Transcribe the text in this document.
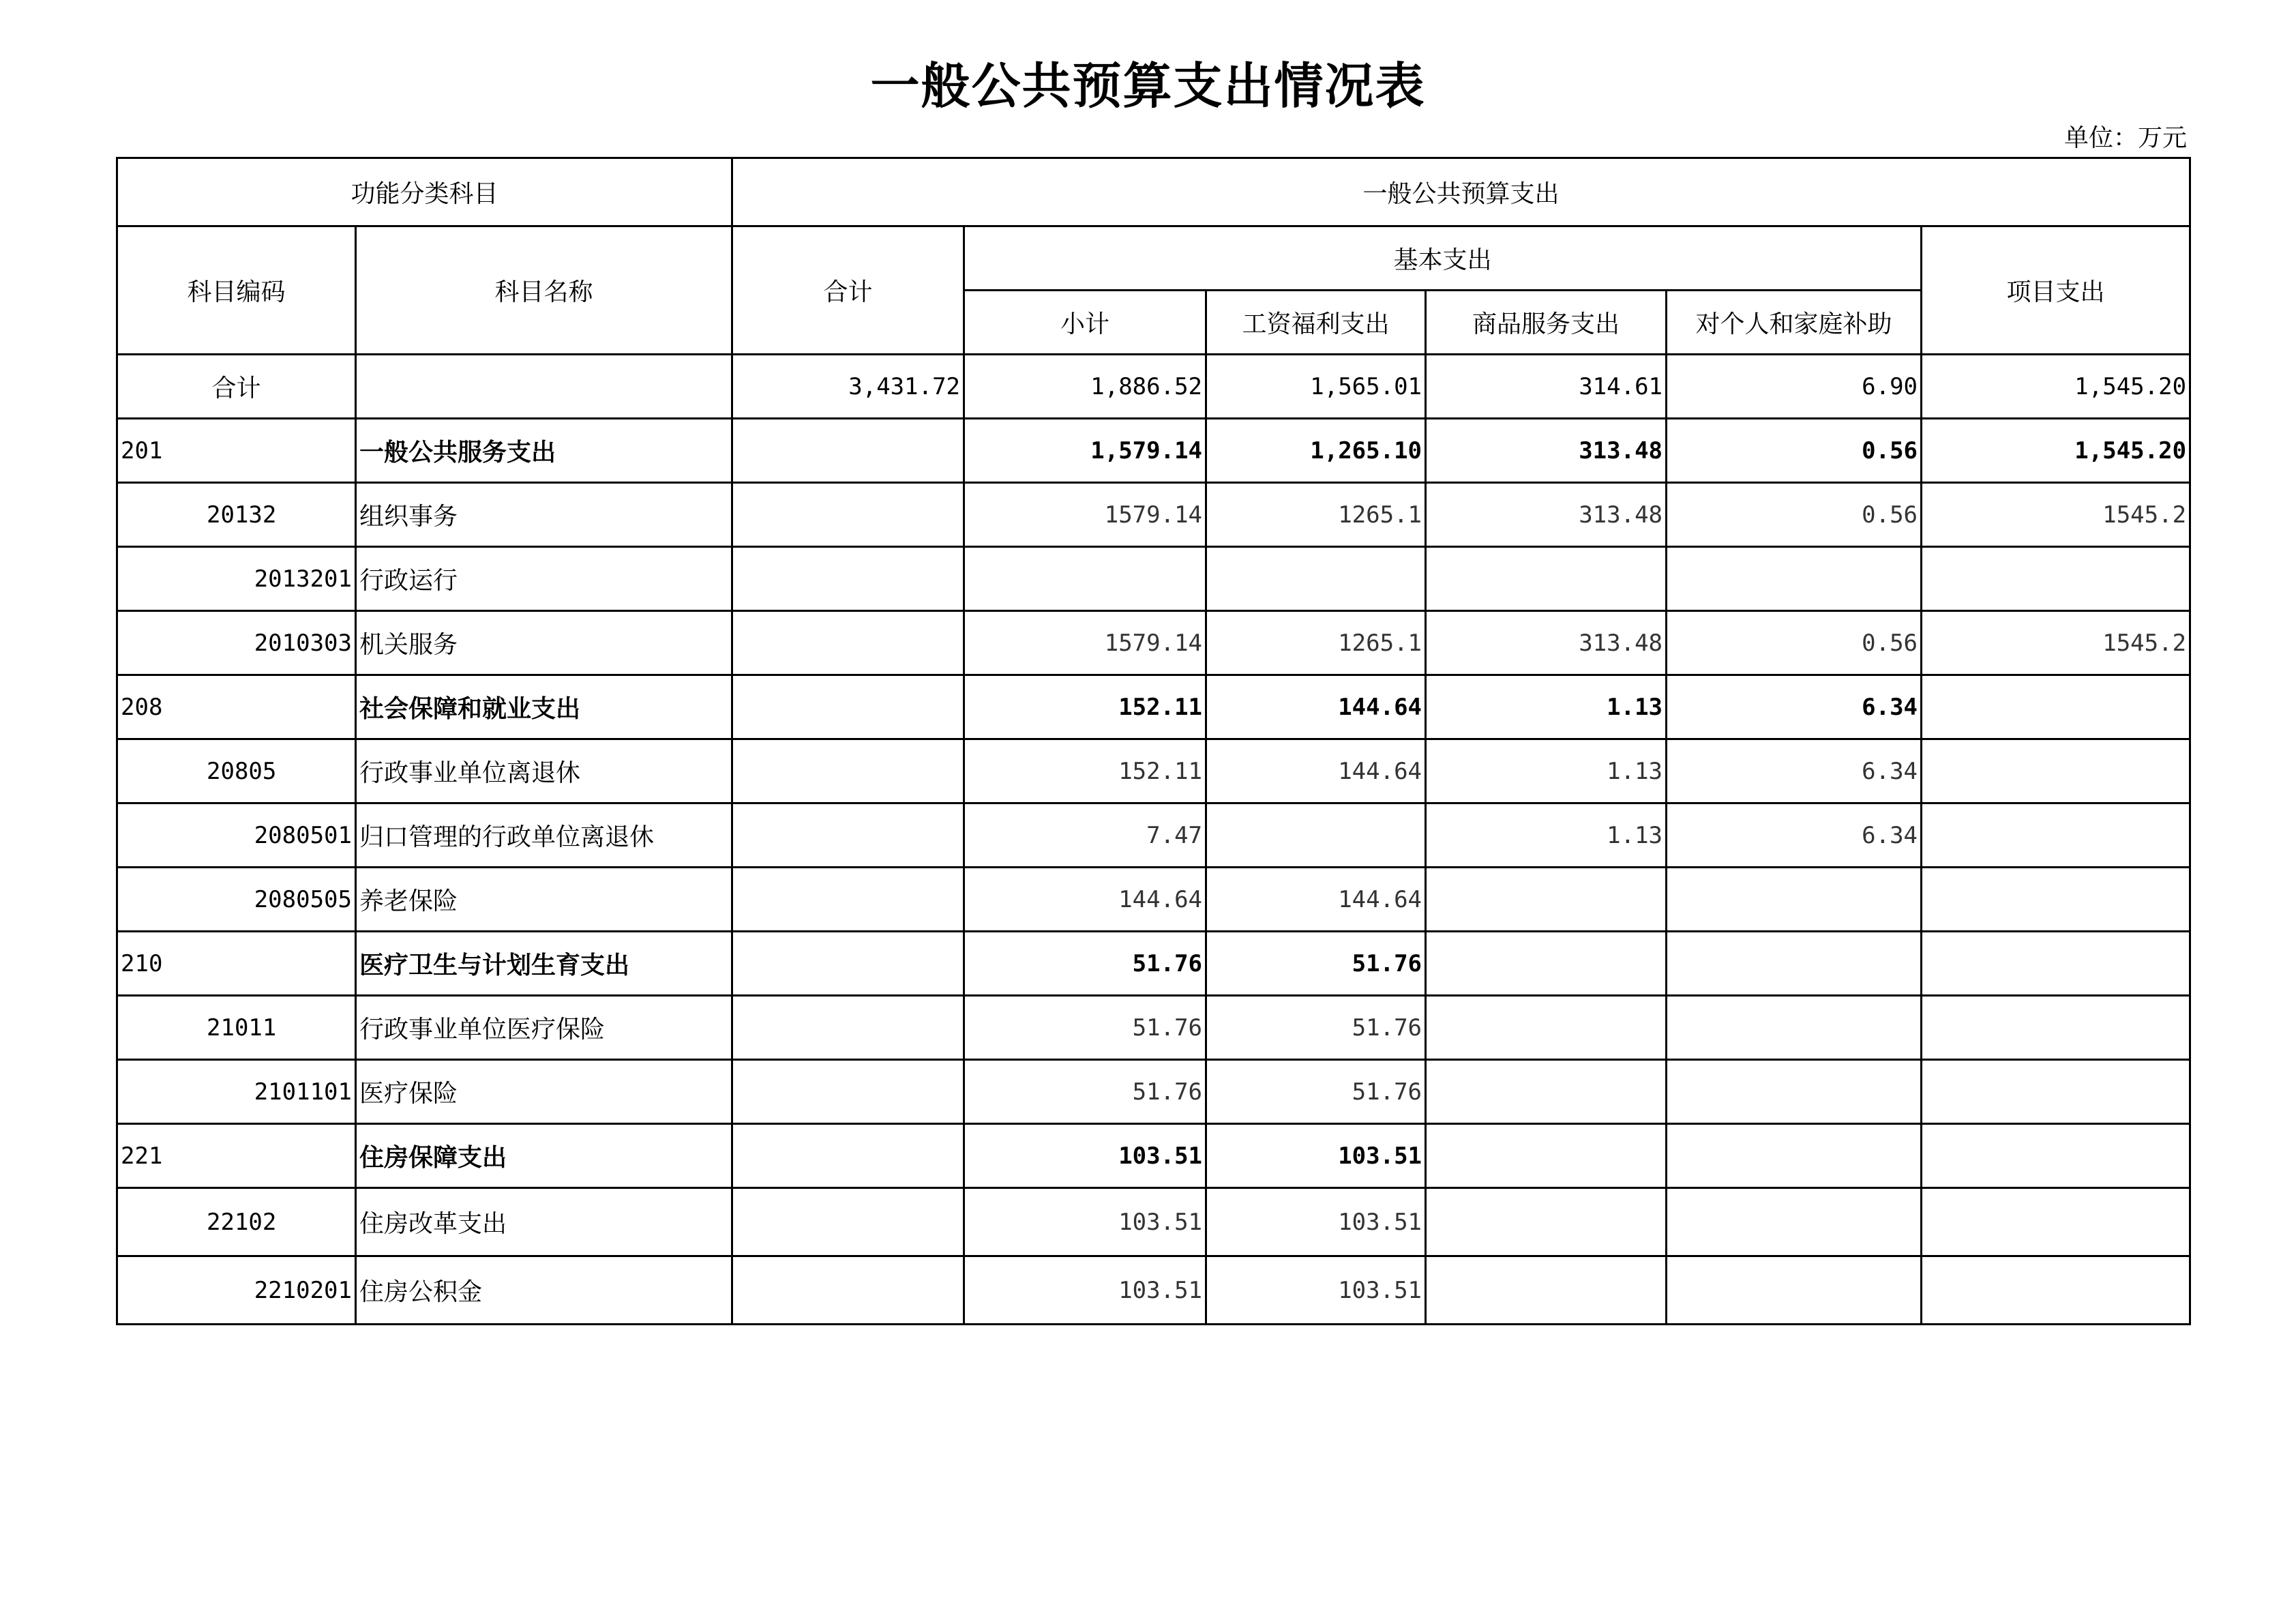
一般公共预算支出情况表
单位：万元
功能分类科目		一般公共预算支出					
科目编码	科目名称	合计	基本支出				项目支出
			小计	工资福利支出	商品服务支出	对个人和家庭补助	
合计		3,431.72	1,886.52	1,565.01	314.61	6.90	1,545.20
201	一般公共服务支出		1,579.14	1,265.10	313.48	0.56	1,545.20
20132	组织事务		1579.14	1265.1	313.48	0.56	1545.2
2013201	行政运行						
2010303	机关服务		1579.14	1265.1	313.48	0.56	1545.2
208	社会保障和就业支出		152.11	144.64	1.13	6.34	
20805	行政事业单位离退休		152.11	144.64	1.13	6.34	
2080501	归口管理的行政单位离退休		7.47		1.13	6.34	
2080505	养老保险		144.64	144.64			
210	医疗卫生与计划生育支出		51.76	51.76			
21011	行政事业单位医疗保险		51.76	51.76			
2101101	医疗保险		51.76	51.76			
221	住房保障支出		103.51	103.51			
22102	住房改革支出		103.51	103.51			
2210201	住房公积金		103.51	103.51			
